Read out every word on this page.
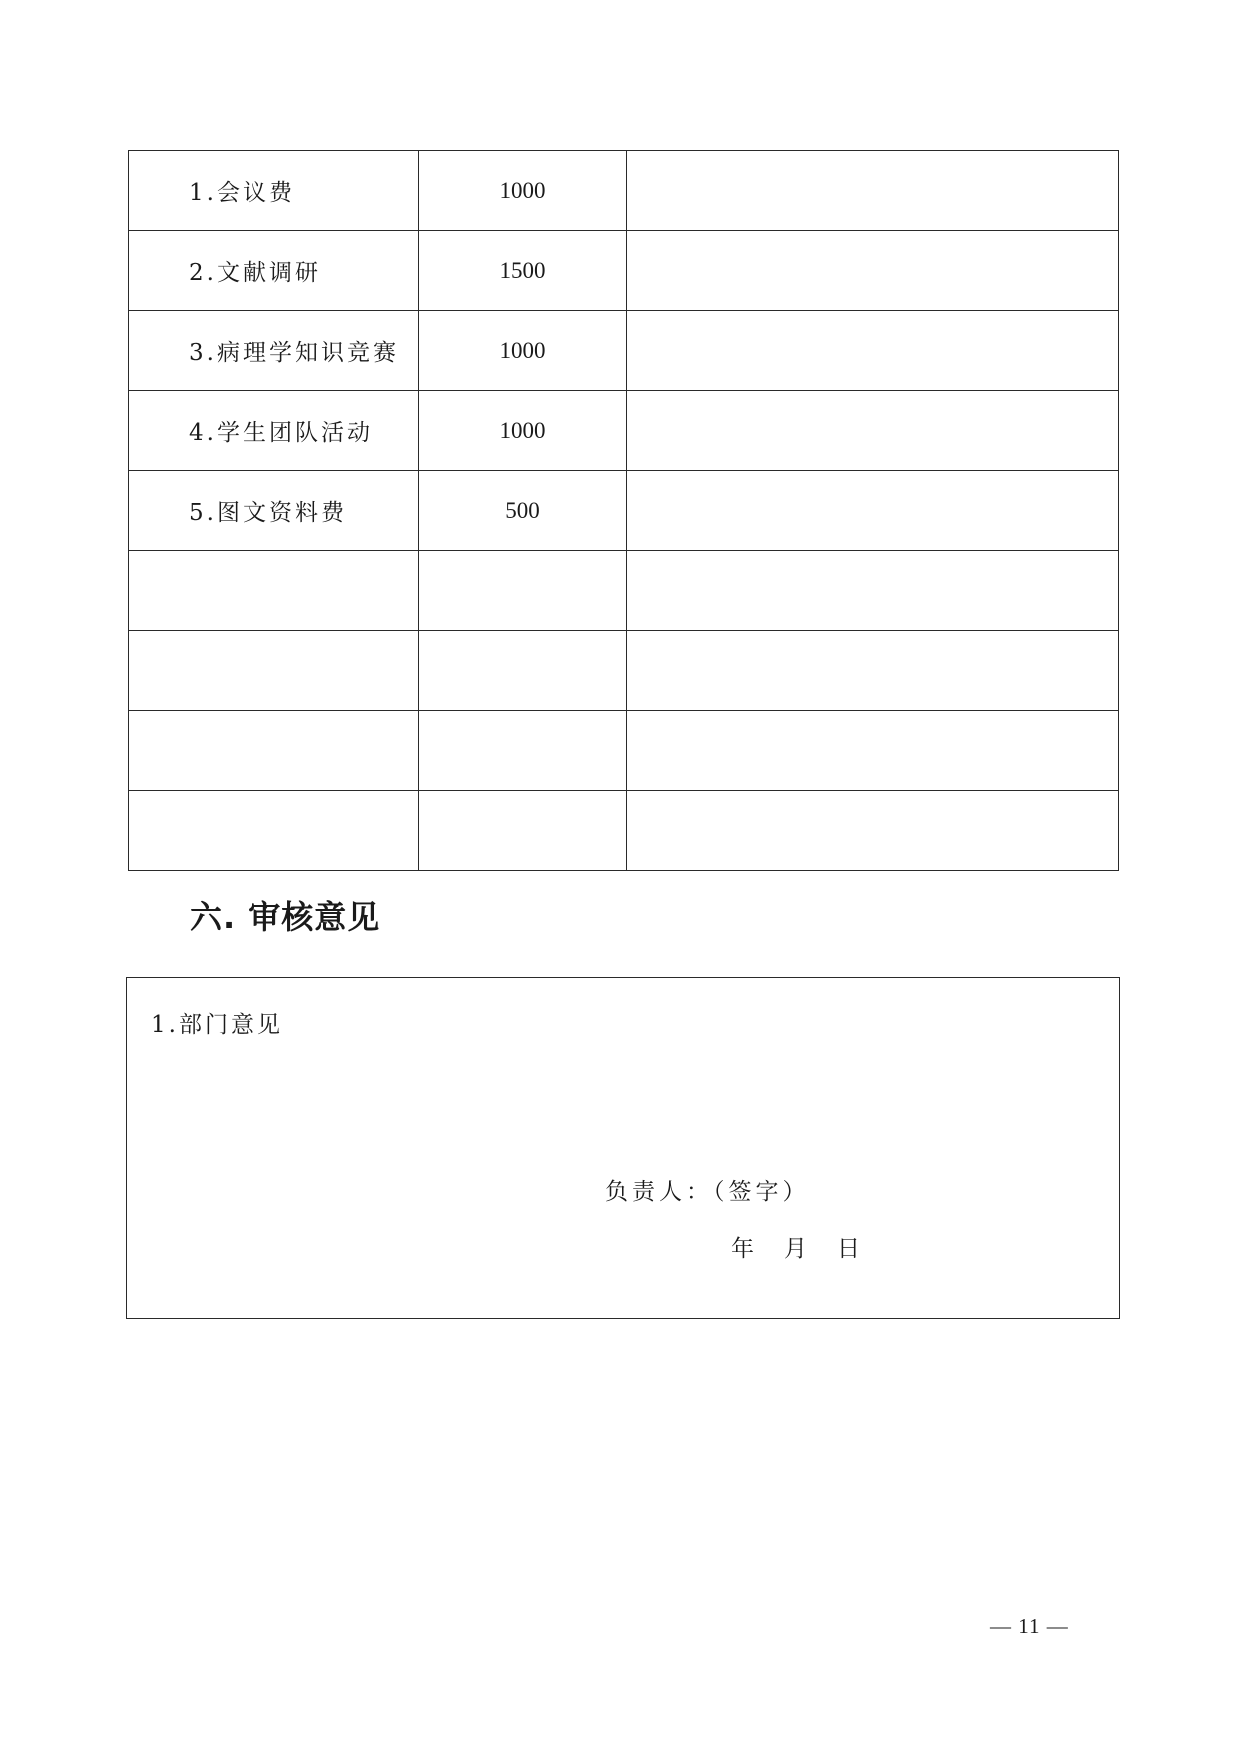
1.会议费	1000	
2.文献调研	1500	
3.病理学知识竞赛	1000	
4.学生团队活动	1000	
5.图文资料费	500	

六. 审核意见
1.部门意见
负责人：（签字）
年 月 日
— 11 —
